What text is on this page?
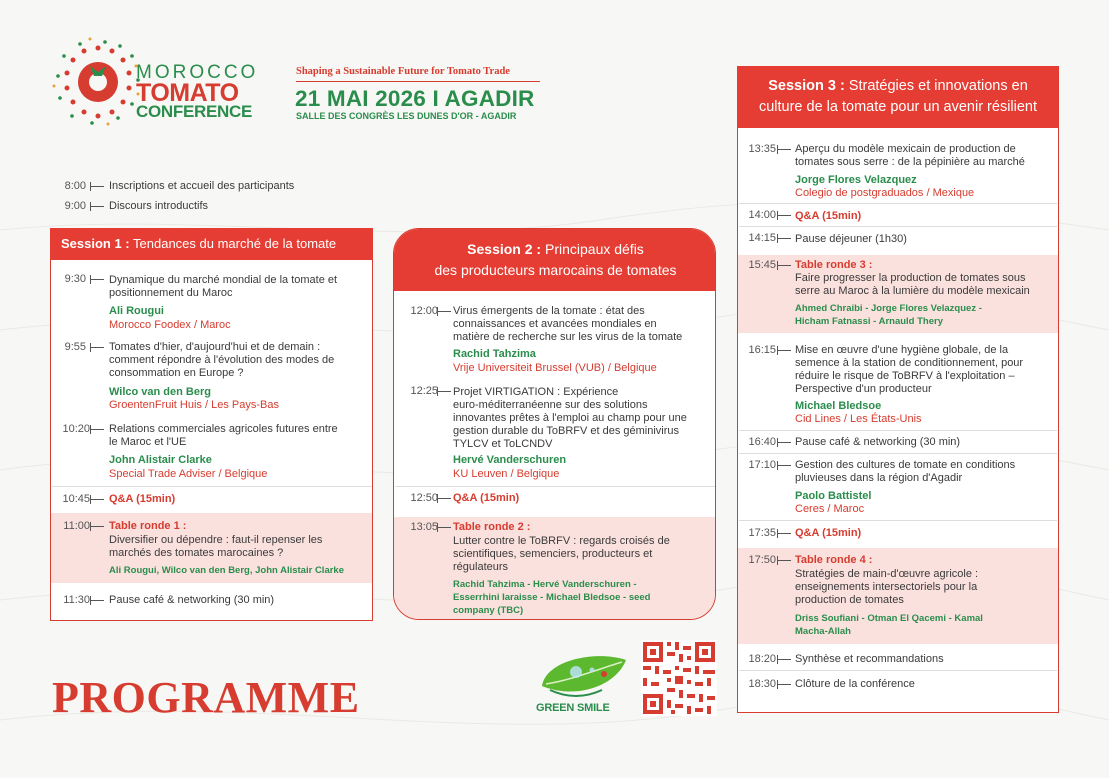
MOROCCO
TOMATO
CONFERENCE
Shaping a Sustainable Future for Tomato Trade
21 MAI 2026 I AGADIR
SALLE DES CONGRÈS LES DUNES D'OR - AGADIR
8:00 Inscriptions et accueil des participants
9:00 Discours introductifs
Session 1 : Tendances du marché de la tomate
9:30 Dynamique du marché mondial de la tomate et
positionnement du Maroc
Ali Rougui
Morocco Foodex / Maroc
9:55 Tomates d'hier, d'aujourd'hui et de demain :
comment répondre à l'évolution des modes de
consommation en Europe ?
Wilco van den Berg
GroentenFruit Huis / Les Pays-Bas
10:20 Relations commerciales agricoles futures entre
le Maroc et l'UE
John Alistair Clarke
Special Trade Adviser / Belgique
10:45 Q&A (15min)
11:00 Table ronde 1 :
Diversifier ou dépendre : faut-il repenser les
marchés des tomates marocaines ?
Ali Rougui, Wilco van den Berg, John Alistair Clarke
11:30 Pause café & networking (30 min)
Session 2 : Principaux défis
des producteurs marocains de tomates
12:00 Virus émergents de la tomate : état des
connaissances et avancées mondiales en
matière de recherche sur les virus de la tomate
Rachid Tahzima
Vrije Universiteit Brussel (VUB) / Belgique
12:25 Projet VIRTIGATION : Expérience
euro-méditerranéenne sur des solutions
innovantes prêtes à l'emploi au champ pour une
gestion durable du ToBRFV et des géminivirus
TYLCV et ToLCNDV
Hervé Vanderschuren
KU Leuven / Belgique
12:50 Q&A (15min)
13:05 Table ronde 2 :
Lutter contre le ToBRFV : regards croisés de
scientifiques, semenciers, producteurs et
régulateurs
Rachid Tahzima - Hervé Vanderschuren -
Esserrhini Iaraisse - Michael Bledsoe - seed
company (TBC)
Session 3 : Stratégies et innovations en
culture de la tomate pour un avenir résilient
13:35 Aperçu du modèle mexicain de production de
tomates sous serre : de la pépinière au marché
Jorge Flores Velazquez
Colegio de postgraduados / Mexique
14:00 Q&A (15min)
14:15 Pause déjeuner (1h30)
15:45 Table ronde 3 :
Faire progresser la production de tomates sous
serre au Maroc à la lumière du modèle mexicain
Ahmed Chraibi - Jorge Flores Velazquez -
Hicham Fatnassi - Arnauld Thery
16:15 Mise en œuvre d'une hygiène globale, de la
semence à la station de conditionnement, pour
réduire le risque de ToBRFV à l'exploitation –
Perspective d'un producteur
Michael Bledsoe
Cid Lines / Les États-Unis
16:40 Pause café & networking (30 min)
17:10 Gestion des cultures de tomate en conditions
pluvieuses dans la région d'Agadir
Paolo Battistel
Ceres / Maroc
17:35 Q&A (15min)
17:50 Table ronde 4 :
Stratégies de main-d'œuvre agricole :
enseignements intersectoriels pour la
production de tomates
Driss Soufiani - Otman El Qacemi - Kamal
Macha-Allah
18:20 Synthèse et recommandations
18:30 Clôture de la conférence
PROGRAMME	GREEN SMILE
